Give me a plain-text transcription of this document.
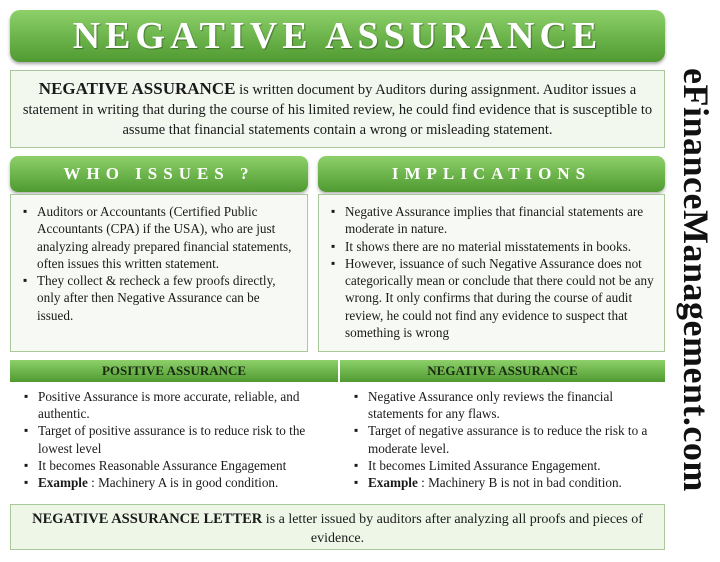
NEGATIVE ASSURANCE
NEGATIVE ASSURANCE is written document by Auditors during assignment. Auditor issues a statement in writing that during the course of his limited review, he could find evidence that is susceptible to assume that financial statements contain a wrong or misleading statement.
WHO ISSUES ?	IMPLICATIONS
▪ Auditors or Accountants (Certified Public Accountants (CPA) if the USA), who are just analyzing already prepared financial statements, often issues this written statement.
▪ They collect & recheck a few proofs directly, only after then Negative Assurance can be issued.
▪ Negative Assurance implies that financial statements are moderate in nature.
▪ It shows there are no material misstatements in books.
▪ However, issuance of such Negative Assurance does not categorically mean or conclude that there could not be any wrong. It only confirms that during the course of audit review, he could not find any evidence to suspect that something is wrong
POSITIVE ASSURANCE	NEGATIVE ASSURANCE
▪ Positive Assurance is more accurate, reliable, and authentic.
▪ Target of positive assurance is to reduce risk to the lowest level
▪ It becomes Reasonable Assurance Engagement
▪ Example : Machinery A is in good condition.
▪ Negative Assurance only reviews the financial statements for any flaws.
▪ Target of negative assurance is to reduce the risk to a moderate level.
▪ It becomes Limited Assurance Engagement.
▪ Example : Machinery B is not in bad condition.
NEGATIVE ASSURANCE LETTER is a letter issued by auditors after analyzing all proofs and pieces of evidence.
eFinanceManagement.com
